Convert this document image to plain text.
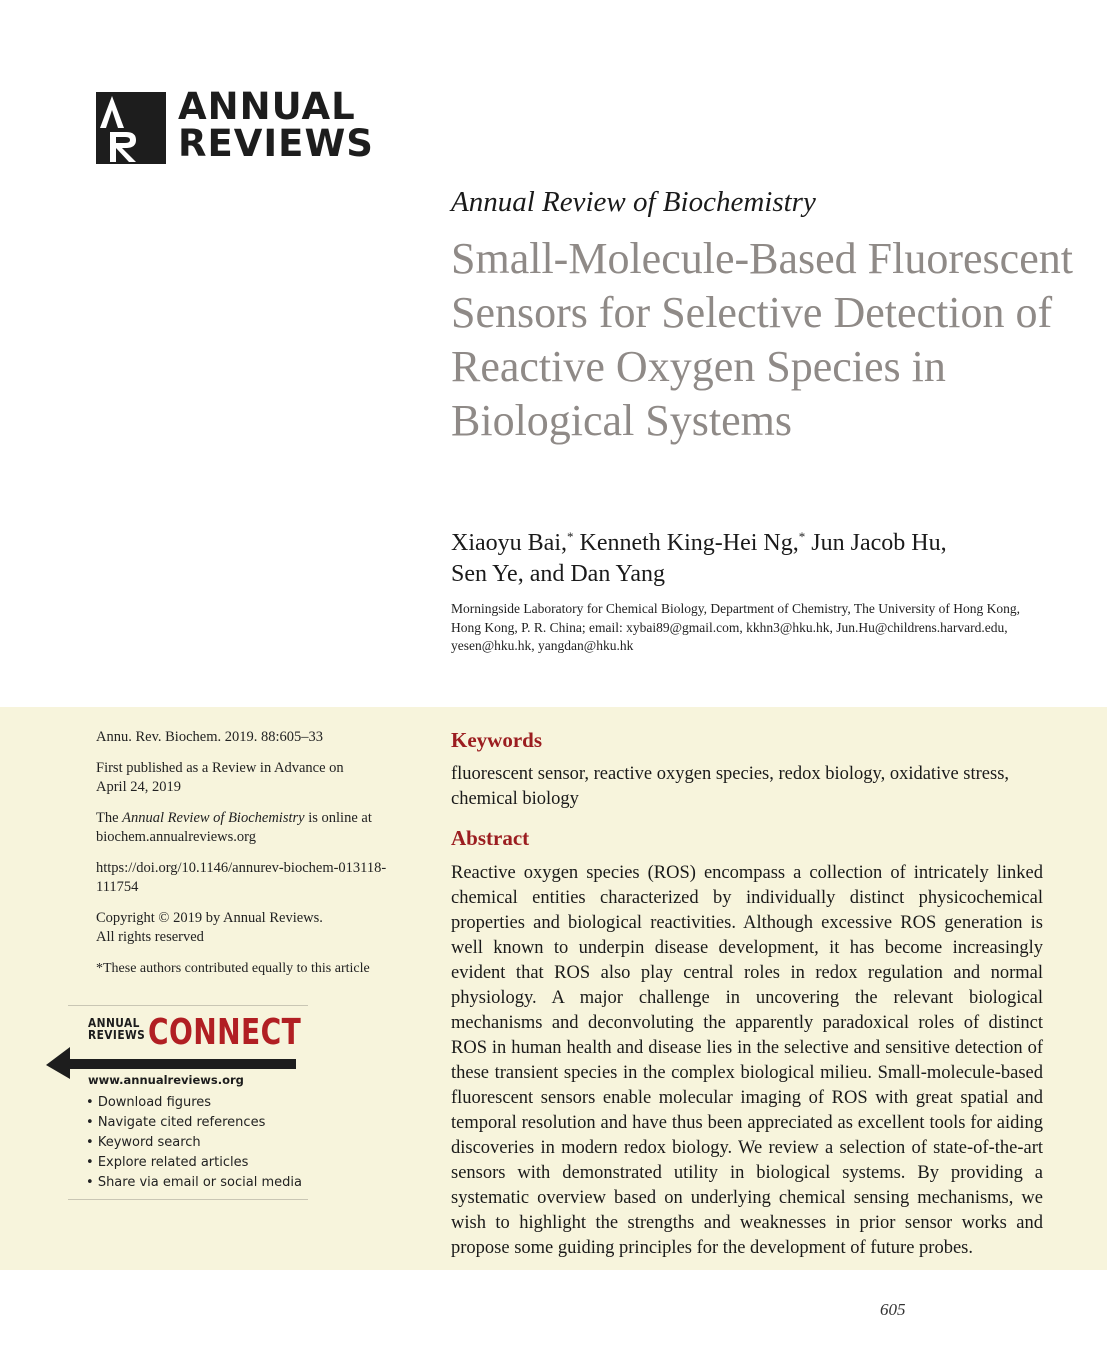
ANNUAL
REVIEWS
Annual Review of Biochemistry
Small-Molecule-Based Fluorescent Sensors for Selective Detection of Reactive Oxygen Species in Biological Systems
Xiaoyu Bai,* Kenneth King-Hei Ng,* Jun Jacob Hu,
Sen Ye, and Dan Yang
Morningside Laboratory for Chemical Biology, Department of Chemistry, The University of Hong Kong, Hong Kong, P. R. China; email: xybai89@gmail.com, kkhn3@hku.hk, Jun.Hu@childrens.harvard.edu, yesen@hku.hk, yangdan@hku.hk

Annu. Rev. Biochem. 2019. 88:605–33

First published as a Review in Advance on
April 24, 2019

The Annual Review of Biochemistry is online at
biochem.annualreviews.org

https://doi.org/10.1146/annurev-biochem-013118-
111754

Copyright © 2019 by Annual Reviews.
All rights reserved

*These authors contributed equally to this article

ANNUAL
REVIEWS CONNECT
www.annualreviews.org
• Download figures
• Navigate cited references
• Keyword search
• Explore related articles
• Share via email or social media
Keywords
fluorescent sensor, reactive oxygen species, redox biology, oxidative stress, chemical biology
Abstract

Reactive oxygen species (ROS) encompass a collection of intricately linked chemical entities characterized by individually distinct physicochemical properties and biological reactivities. Although excessive ROS generation is well known to underpin disease development, it has become increasingly evident that ROS also play central roles in redox regulation and normal physiology. A major challenge in uncovering the relevant biological mechanisms and deconvoluting the apparently paradoxical roles of distinct ROS in human health and disease lies in the selective and sensitive detection of these transient species in the complex biological milieu. Small-molecule-based fluorescent sensors enable molecular imaging of ROS with great spatial and temporal resolution and have thus been appreciated as excellent tools for aiding discoveries in modern redox biology. We review a selection of state-of-the-art sensors with demonstrated utility in biological systems. By providing a systematic overview based on underlying chemical sensing mechanisms, we wish to highlight the strengths and weaknesses in prior sensor works and propose some guiding principles for the development of future probes.

605
